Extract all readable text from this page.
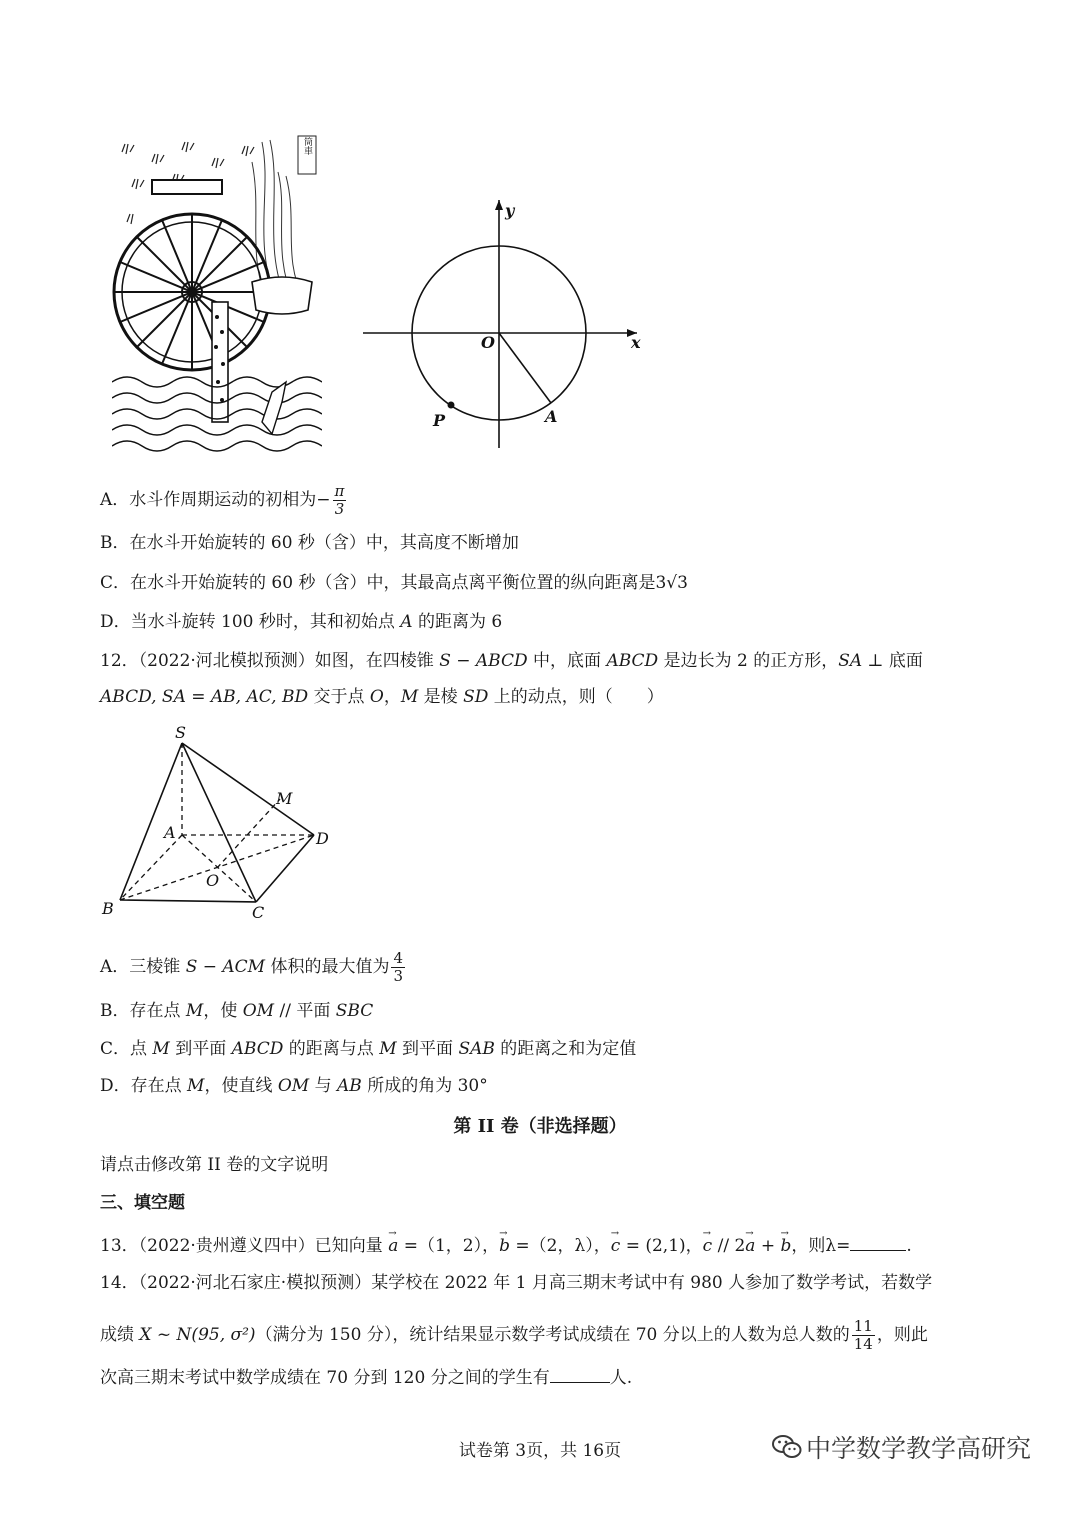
筒車
y
x
O
A
P
A．水斗作周期运动的初相为− $\frac{\pi}{3}$
B．在水斗开始旋转的 60 秒（含）中，其高度不断增加
C．在水斗开始旋转的 60 秒（含）中，其最高点离平衡位置的纵向距离是3√3
D．当水斗旋转 100 秒时，其和初始点 A 的距离为 6
12．（2022·河北模拟预测）如图，在四棱锥 S − ABCD 中，底面 ABCD 是边长为 2 的正方形，SA ⊥ 底面
ABCD, SA = AB, AC, BD 交于点 O，M 是棱 SD 上的动点，则（　　）
S
M
A	D
O
B	C
A．三棱锥 S − ACM 体积的最大值为 $\frac{4}{3}$
B．存在点 M，使 OM // 平面 SBC
C．点 M 到平面 ABCD 的距离与点 M 到平面 SAB 的距离之和为定值
D．存在点 M，使直线 OM 与 AB 所成的角为 30°
第 II 卷（非选择题）
请点击修改第 II 卷的文字说明
三、填空题
13．（2022·贵州遵义四中）已知向量 → a =（1，2），→ b =（2，λ），→ c = (2,1)，→ c // 2→ a + → b，则λ=	.
14．（2022·河北石家庄·模拟预测）某学校在 2022 年 1 月高三期末考试中有 980 人参加了数学考试，若数学
成绩 X ~ N(95, σ²)（满分为 150 分），统计结果显示数学考试成绩在 70 分以上的人数为总人数的 $\frac{11}{14}$ ，则此
次高三期末考试中数学成绩在 70 分到 120 分之间的学生有	人.
试卷第 3页，共 16页	中学数学教学高研究
